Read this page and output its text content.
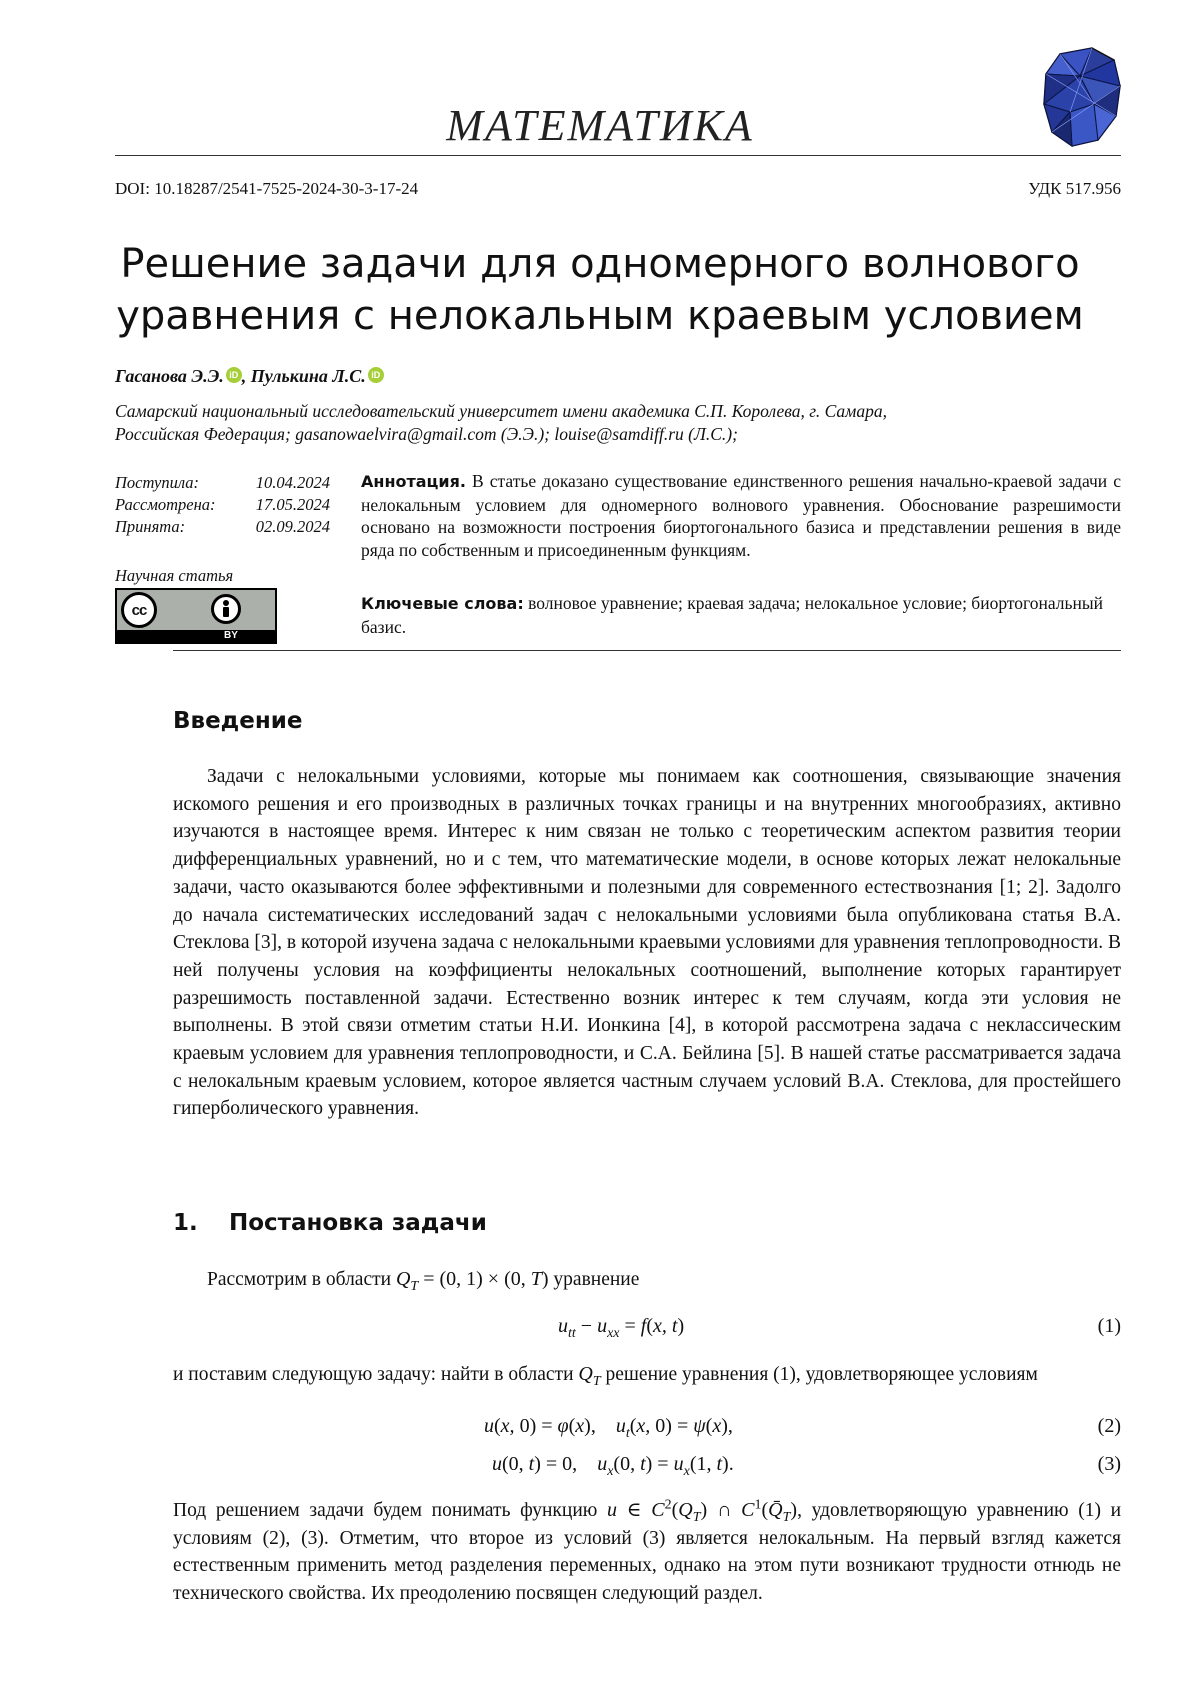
МАТЕМАТИКА
DOI: 10.18287/2541-7525-2024-30-3-17-24	УДК 517.956
Решение задачи для одномерного волнового
уравнения с нелокальным краевым условием
Гасанова Э.Э. iD , Пулькина Л.С. iD
Самарский национальный исследовательский университет имени академика С.П. Королева, г. Самара,
Российская Федерация; gasanowaelvira@gmail.com (Э.Э.); louise@samdiff.ru (Л.С.);
Поступила:	10.04.2024
Рассмотрена: 17.05.2024
Принята:	02.09.2024
Научная статья
cc
BY
Аннотация. В статье доказано существование единственного решения начально-краевой задачи с нелокальным условием для одномерного волнового уравнения. Обоснование разрешимости основано на возможности построения биортогонального базиса и представлении решения в виде ряда по собственным и присоединенным функциям.
Ключевые слова: волновое уравнение; краевая задача; нелокальное условие; биортогональный базис.
Введение
Задачи с нелокальными условиями, которые мы понимаем как соотношения, связывающие значения искомого решения и его производных в различных точках границы и на внутренних многообразиях, активно изучаются в настоящее время. Интерес к ним связан не только с теоретическим аспектом развития теории дифференциальных уравнений, но и с тем, что математические модели, в основе которых лежат нелокальные задачи, часто оказываются более эффективными и полезными для современного естествознания [1; 2]. Задолго до начала систематических исследований задач с нелокальными условиями была опубликована статья В.А. Стеклова [3], в которой изучена задача с нелокальными краевыми условиями для уравнения теплопроводности. В ней получены условия на коэффициенты нелокальных соотношений, выполнение которых гарантирует разрешимость поставленной задачи. Естественно возник интерес к тем случаям, когда эти условия не выполнены. В этой связи отметим статьи Н.И. Ионкина [4], в которой рассмотрена задача с неклассическим краевым условием для уравнения теплопроводности, и С.А. Бейлина [5]. В нашей статье рассматривается задача с нелокальным краевым условием, которое является частным случаем условий В.А. Стеклова, для простейшего гиперболического уравнения.
1. Постановка задачи
Рассмотрим в области $Q_T = (0$, 1) × (0, T) уравнение
$u_{tt} - u_{xx} = f(x$, t)	(1)
и поставим следующую задачу: найти в области $Q_T$ решение уравнения (1), удовлетворяющее условиям
u(x, 0) = φ(x),    $u_t(x$, 0) = ψ(x),	(2)
u(0, t) = 0,    $u_x(0$, $t) = u_x(1$, t).	(3)
Под решением задачи будем понимать функцию u ∈ $C^2(Q_T)$ ∩ $C^1(Q̄_T)$, удовлетворяющую уравнению (1) и условиям (2), (3). Отметим, что второе из условий (3) является нелокальным. На первый взгляд кажется естественным применить метод разделения переменных, однако на этом пути возникают трудности отнюдь не технического свойства. Их преодолению посвящен следующий раздел.
